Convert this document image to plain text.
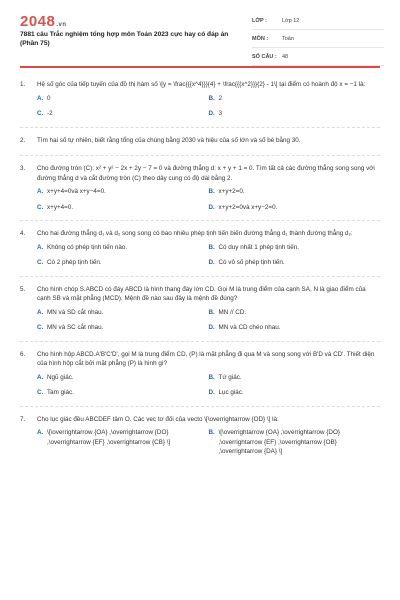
2048.vn
7881 câu Trắc nghiệm tổng hợp môn Toán 2023 cực hay có đáp án (Phần 75)
LỚP :	Lớp 12
MÔN :	Toán
SỐ CÂU : 48
1.	Hệ số góc của tiếp tuyến của đồ thị hàm số \[y = \frac{{{x^4}}}{4} + \frac{{{x^2}}}{2} - 1\] tại điểm có hoành độ x = −1 là:
A. 0	B. 2
C. -2	D. 3
2.	Tìm hai số tự nhiên, biết rằng tổng của chúng bằng 2030 và hiệu của số lớn và số bé bằng 30.
3.	Cho đường tròn (C): x² + y² − 2x + 2y − 7 = 0 và đường thẳng d: x + y + 1 = 0. Tìm tất cả các đường thẳng song song với đường thẳng d và cắt đường tròn (C) theo dây cung có độ dài bằng 2.
A. x+y+4=0và x+y−4=0.	B. x+y+2=0.
C. x+y+4=0.	D. x+y+2=0và x+y−2=0.
4.	Cho hai đường thẳng d₁ và d₂ song song có bao nhiêu phép tịnh tiến biến đường thẳng d₁ thành đường thẳng d₂:
A. Không có phép tịnh tiến nào.	B. Có duy nhất 1 phép tịnh tiến.
C. Có 2 phép tịnh tiến.	D. Có vô số phép tịnh tiến.
5.	Cho hình chóp S.ABCD có đáy ABCD là hình thang đáy lớn CD. Gọi M là trung điểm của cạnh SA, N là giao điểm của cạnh SB và mặt phẳng (MCD). Mệnh đề nào sau đây là mệnh đề đúng?
A. MN và SD cắt nhau.	B. MN // CD.
C. MN và SC cắt nhau.	D. MN và CD chéo nhau.
6.	Cho hình hộp ABCD.A'B'C'D', gọi M là trung điểm CD, (P) là mặt phẳng đi qua M và song song với B'D và CD'. Thiết diện của hình hộp cắt bởi mặt phẳng (P) là hình gì?
A. Ngũ giác.	B. Tứ giác.
C. Tam giác.	D. Lục giác.
7.	Cho lục giác đều ABCDEF tâm O. Các vec tơ đối của vecto \[\overrightarrow {OD} \] là:
A. \[\overrightarrow {OA} ,\overrightarrow {DO} ,\overrightarrow {EF} ,\overrightarrow {CB} \]
B. \[\overrightarrow {OA} ,\overrightarrow {DO} ,\overrightarrow {EF} ,\overrightarrow {OB} ,\overrightarrow {DA} \]
